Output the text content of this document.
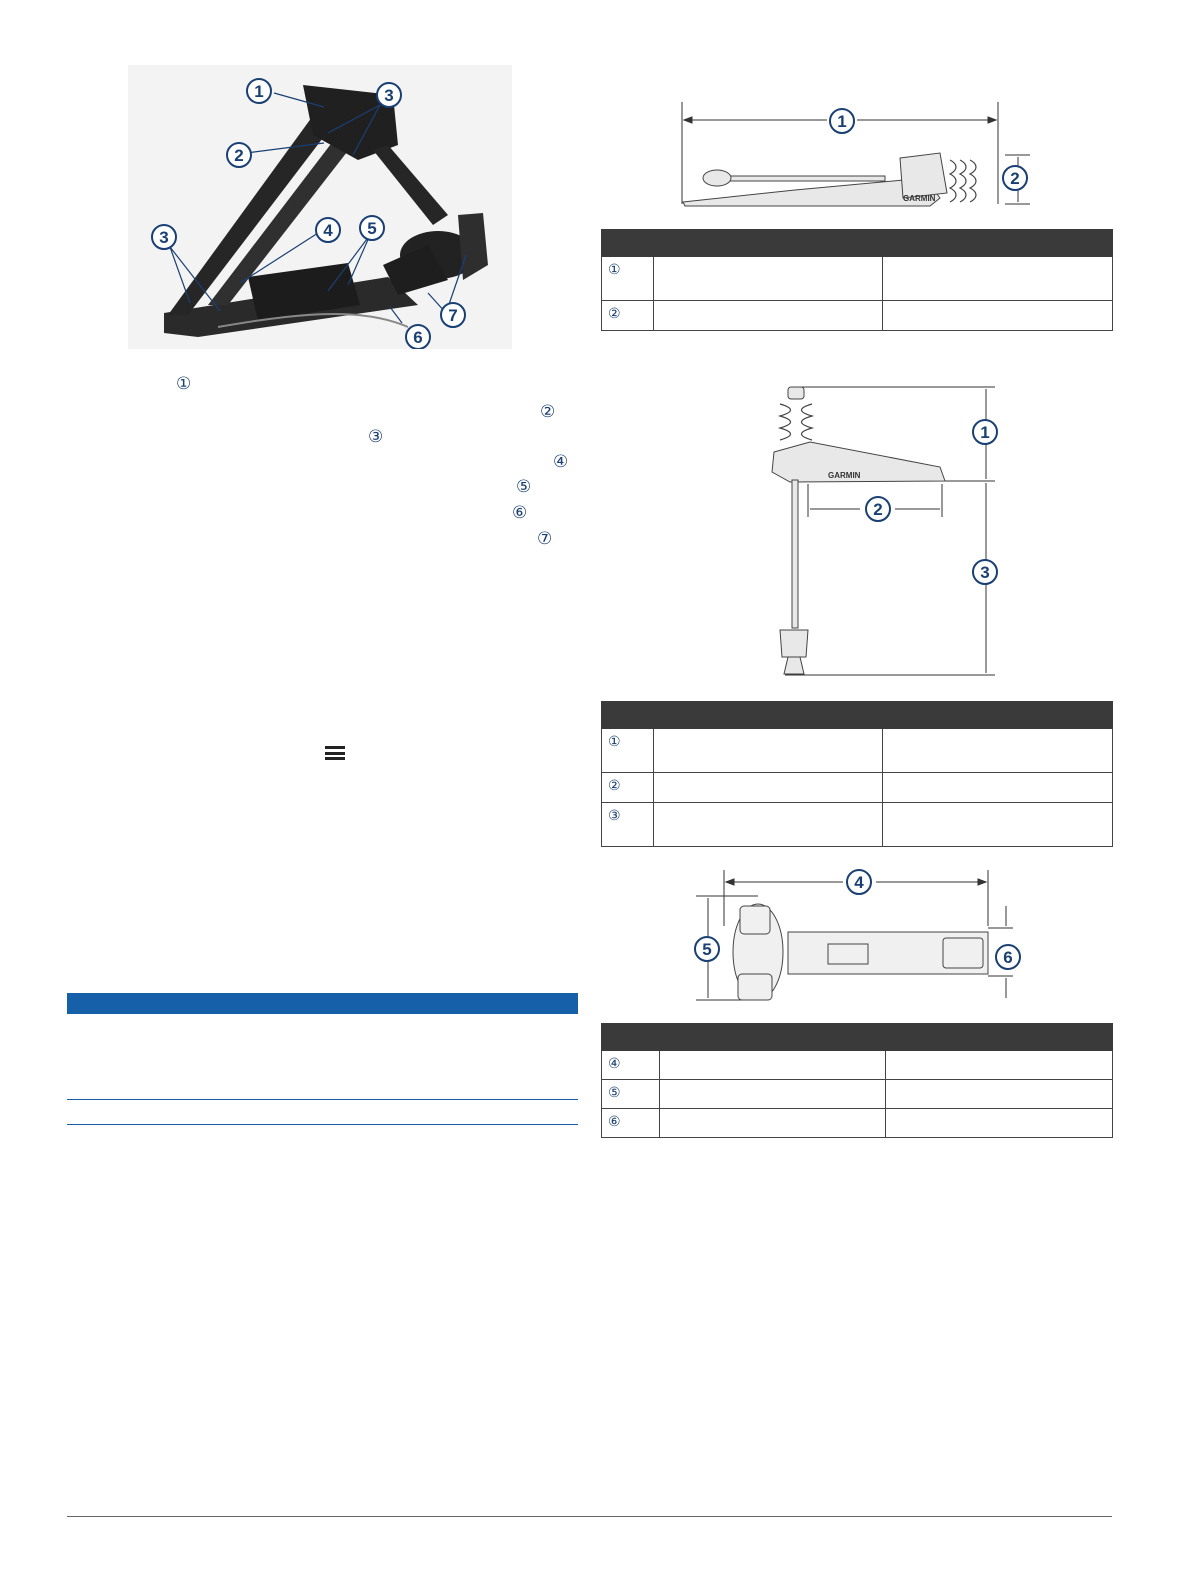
1
2
3
3	4 5
6
7
①
②
③
④
⑤
⑥
⑦
GARMIN
1
2

①		
②		
GARMIN
1
2
3

①		
②		
③		
4
5	6

④		
⑤		
⑥		
